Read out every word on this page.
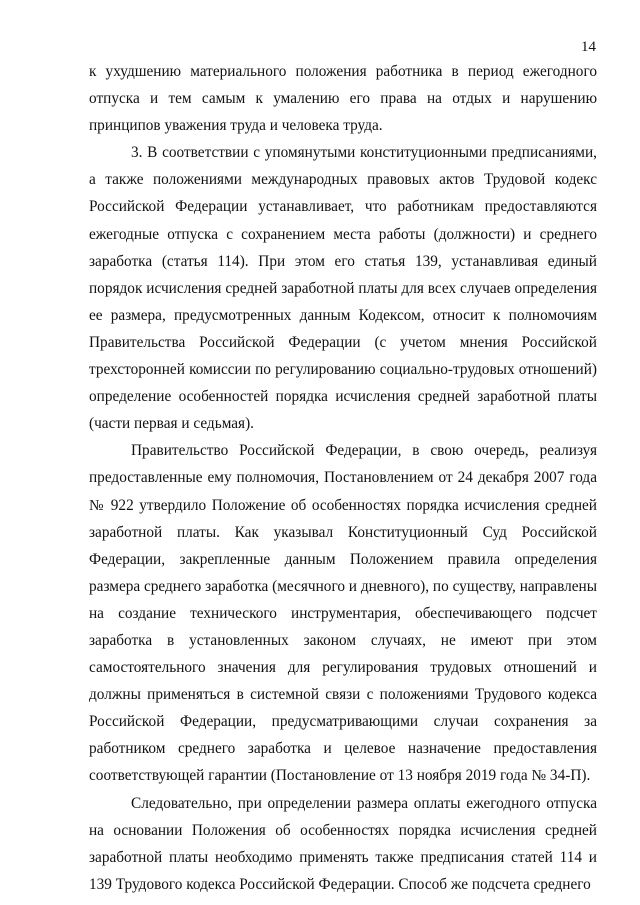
14

к ухудшению материального положения работника в период ежегодного отпуска и тем самым к умалению его права на отдых и нарушению принципов уважения труда и человека труда.

3. В соответствии с упомянутыми конституционными предписаниями, а также положениями международных правовых актов Трудовой кодекс Российской Федерации устанавливает, что работникам предоставляются ежегодные отпуска с сохранением места работы (должности) и среднего заработка (статья 114). При этом его статья 139, устанавливая единый порядок исчисления средней заработной платы для всех случаев определения ее размера, предусмотренных данным Кодексом, относит к полномочиям Правительства Российской Федерации (с учетом мнения Российской трехсторонней комиссии по регулированию социально-трудовых отношений) определение особенностей порядка исчисления средней заработной платы (части первая и седьмая).

Правительство Российской Федерации, в свою очередь, реализуя предоставленные ему полномочия, Постановлением от 24 декабря 2007 года № 922 утвердило Положение об особенностях порядка исчисления средней заработной платы. Как указывал Конституционный Суд Российской Федерации, закрепленные данным Положением правила определения размера среднего заработка (месячного и дневного), по существу, направлены на создание технического инструментария, обеспечивающего подсчет заработка в установленных законом случаях, не имеют при этом самостоятельного значения для регулирования трудовых отношений и должны применяться в системной связи с положениями Трудового кодекса Российской Федерации, предусматривающими случаи сохранения за работником среднего заработка и целевое назначение предоставления соответствующей гарантии (Постановление от 13 ноября 2019 года № 34-П).

Следовательно, при определении размера оплаты ежегодного отпуска на основании Положения об особенностях порядка исчисления средней заработной платы необходимо применять также предписания статей 114 и 139 Трудового кодекса Российской Федерации. Способ же подсчета среднего
